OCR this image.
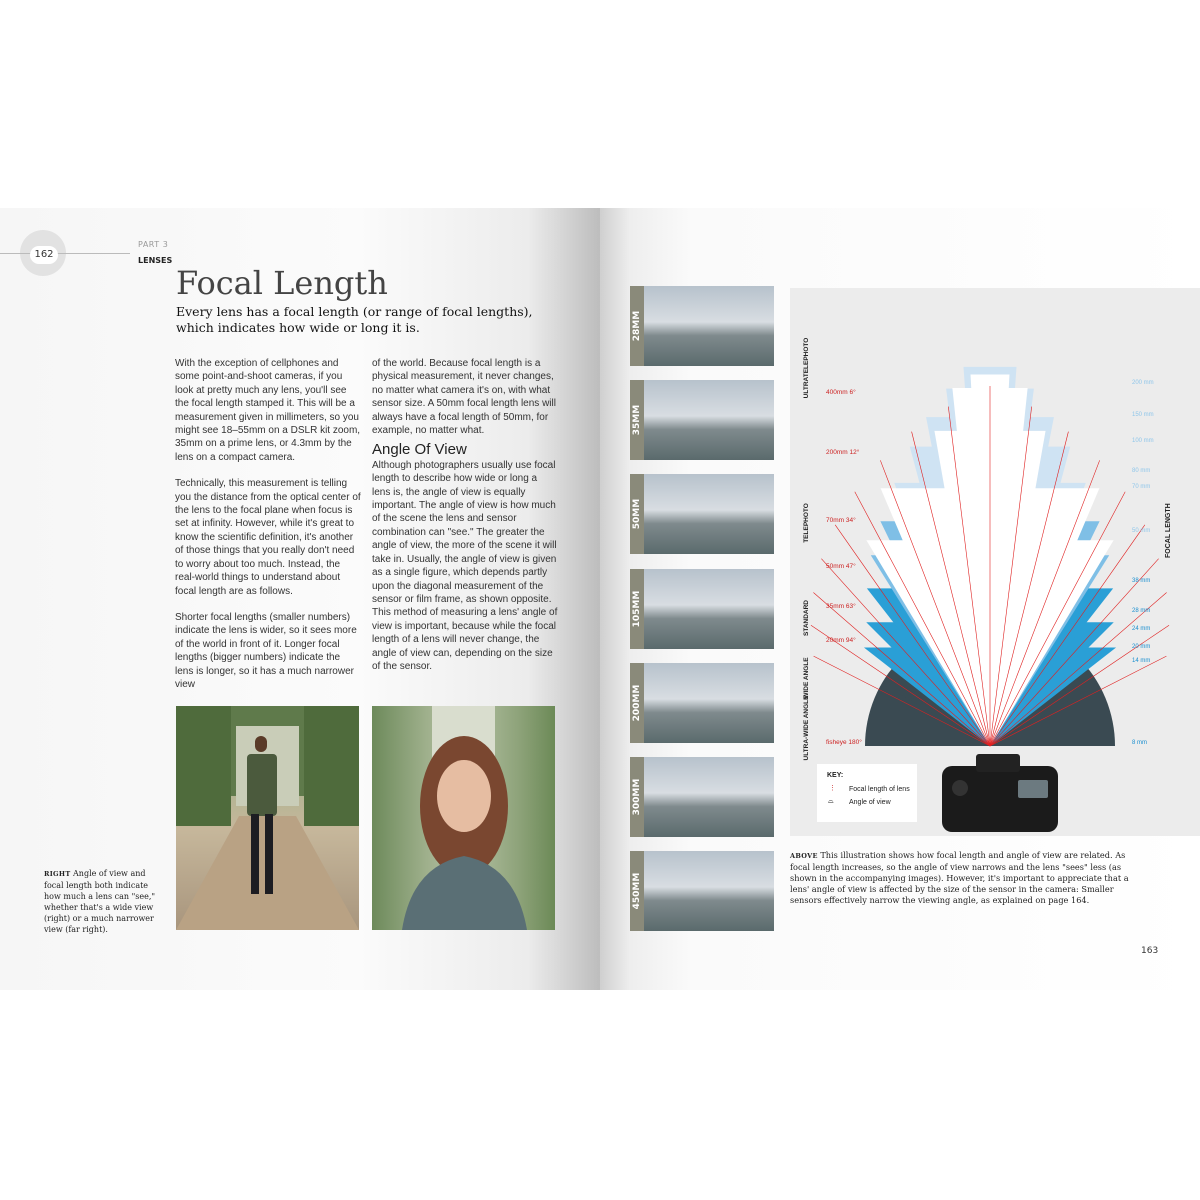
162
PART 3
LENSES
Focal Length

Every lens has a focal length (or range of focal lengths), which indicates how wide or long it is.

With the exception of cellphones and some point-and-shoot cameras, if you look at pretty much any lens, you'll see the focal length stamped it. This will be a measurement given in millimeters, so you might see 18–55mm on a DSLR kit zoom, 35mm on a prime lens, or 4.3mm by the lens on a compact camera.

Technically, this measurement is telling you the distance from the optical center of the lens to the focal plane when focus is set at infinity. However, while it's great to know the scientific definition, it's another of those things that you really don't need to worry about too much. Instead, the real-world things to understand about focal length are as follows.

Shorter focal lengths (smaller numbers) indicate the lens is wider, so it sees more of the world in front of it. Longer focal lengths (bigger numbers) indicate the lens is longer, so it has a much narrower view

of the world. Because focal length is a physical measurement, it never changes, no matter what camera it's on, with what sensor size. A 50mm focal length lens will always have a focal length of 50mm, for example, no matter what.

Angle Of View

Although photographers usually use focal length to describe how wide or long a lens is, the angle of view is equally important. The angle of view is how much of the scene the lens and sensor combination can "see." The greater the angle of view, the more of the scene it will take in. Usually, the angle of view is given as a single figure, which depends partly upon the diagonal measurement of the sensor or film frame, as shown opposite. This method of measuring a lens' angle of view is important, because while the focal length of a lens will never change, the angle of view can, depending on the size of the sensor.

RIGHT Angle of view and focal length both indicate how much a lens can "see," whether that's a wide view (right) or a much narrower view (far right).
28MM
35MM
50MM
105MM
200MM
300MM
450MM
ULTRATELEPHOTO
TELEPHOTO
STANDARD
WIDE ANGLE
ULTRA-WIDE ANGLE
400mm 6°
200mm 12°
70mm 34°
50mm 47°
35mm 63°
20mm 94°
fisheye 180°
200 mm
150 mm
100 mm
80 mm
70 mm
50 mm
38 mm
28 mm
24 mm
20 mm
14 mm
8 mm
FOCAL LENGTH
KEY:
⋮ Focal length of lens
⌓ Angle of view
ABOVE This illustration shows how focal length and angle of view are related. As focal length increases, so the angle of view narrows and the lens "sees" less (as shown in the accompanying images). However, it's important to appreciate that a lens' angle of view is affected by the size of the sensor in the camera: Smaller sensors effectively narrow the viewing angle, as explained on page 164.
163
